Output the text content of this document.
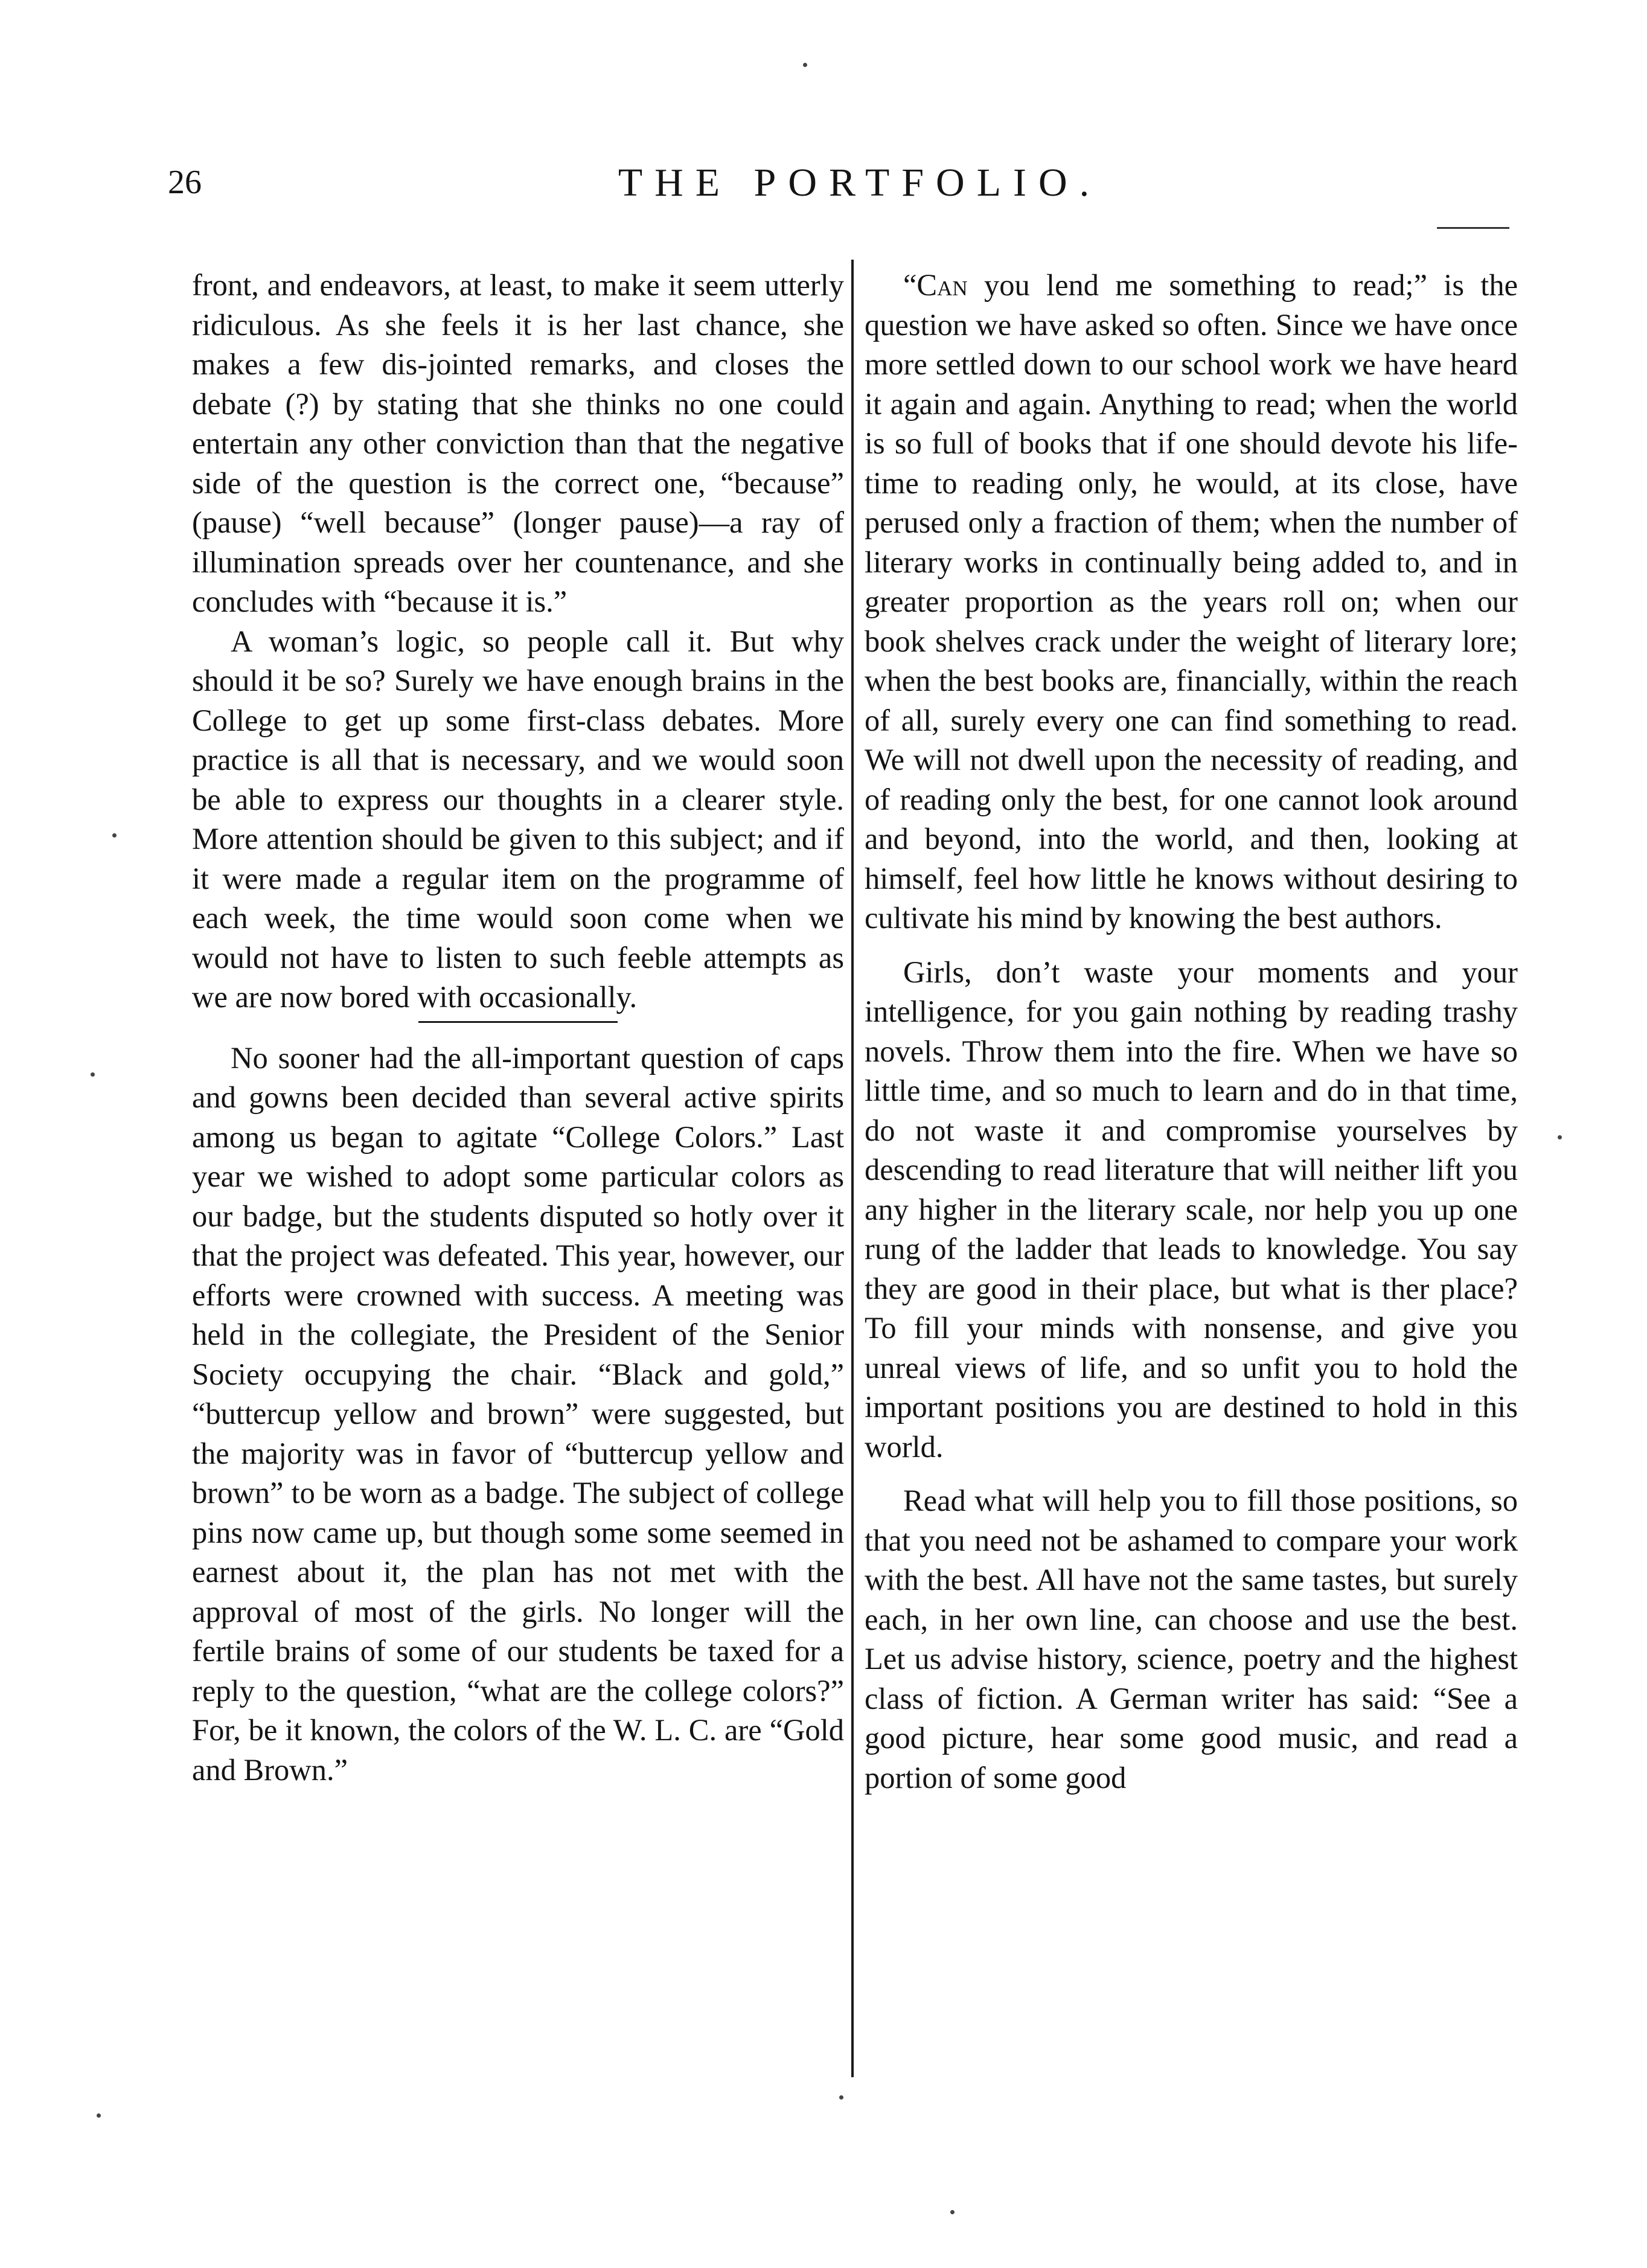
26	THE PORTFOLIO.

front, and endeavors, at least, to make it seem utterly ridiculous. As she feels it is her last chance, she makes a few dis-jointed remarks, and closes the debate (?) by stating that she thinks no one could entertain any other conviction than that the negative side of the question is the correct one, “because” (pause) “well because” (longer pause)—a ray of illumination spreads over her countenance, and she concludes with “because it is.”

A woman’s logic, so people call it. But why should it be so? Surely we have enough brains in the College to get up some first-class debates. More practice is all that is necessary, and we would soon be able to express our thoughts in a clearer style. More attention should be given to this subject; and if it were made a regular item on the programme of each week, the time would soon come when we would not have to listen to such feeble attempts as we are now bored with occasionally.

No sooner had the all-important question of caps and gowns been decided than several active spirits among us began to agitate “College Colors.” Last year we wished to adopt some particular colors as our badge, but the students disputed so hotly over it that the project was defeated. This year, however, our efforts were crowned with success. A meeting was held in the collegiate, the President of the Senior Society occupying the chair. “Black and gold,” “buttercup yellow and brown” were suggested, but the majority was in favor of “buttercup yellow and brown” to be worn as a badge. The subject of college pins now came up, but though some some seemed in earnest about it, the plan has not met with the approval of most of the girls. No longer will the fertile brains of some of our students be taxed for a reply to the question, “what are the college colors?” For, be it known, the colors of the W. L. C. are “Gold and Brown.”

“Can you lend me something to read;” is the question we have asked so often. Since we have once more settled down to our school work we have heard it again and again. Anything to read; when the world is so full of books that if one should devote his life-time to reading only, he would, at its close, have perused only a fraction of them; when the number of literary works in continually being added to, and in greater proportion as the years roll on; when our book shelves crack under the weight of literary lore; when the best books are, financially, within the reach of all, surely every one can find something to read. We will not dwell upon the necessity of reading, and of reading only the best, for one cannot look around and beyond, into the world, and then, looking at himself, feel how little he knows without desiring to cultivate his mind by knowing the best authors.

Girls, don’t waste your moments and your intelligence, for you gain nothing by reading trashy novels. Throw them into the fire. When we have so little time, and so much to learn and do in that time, do not waste it and compromise yourselves by descending to read literature that will neither lift you any higher in the literary scale, nor help you up one rung of the ladder that leads to knowledge. You say they are good in their place, but what is ther place? To fill your minds with nonsense, and give you unreal views of life, and so unfit you to hold the important positions you are destined to hold in this world.

Read what will help you to fill those positions, so that you need not be ashamed to compare your work with the best. All have not the same tastes, but surely each, in her own line, can choose and use the best. Let us advise history, science, poetry and the highest class of fiction. A German writer has said: “See a good picture, hear some good music, and read a portion of some good
